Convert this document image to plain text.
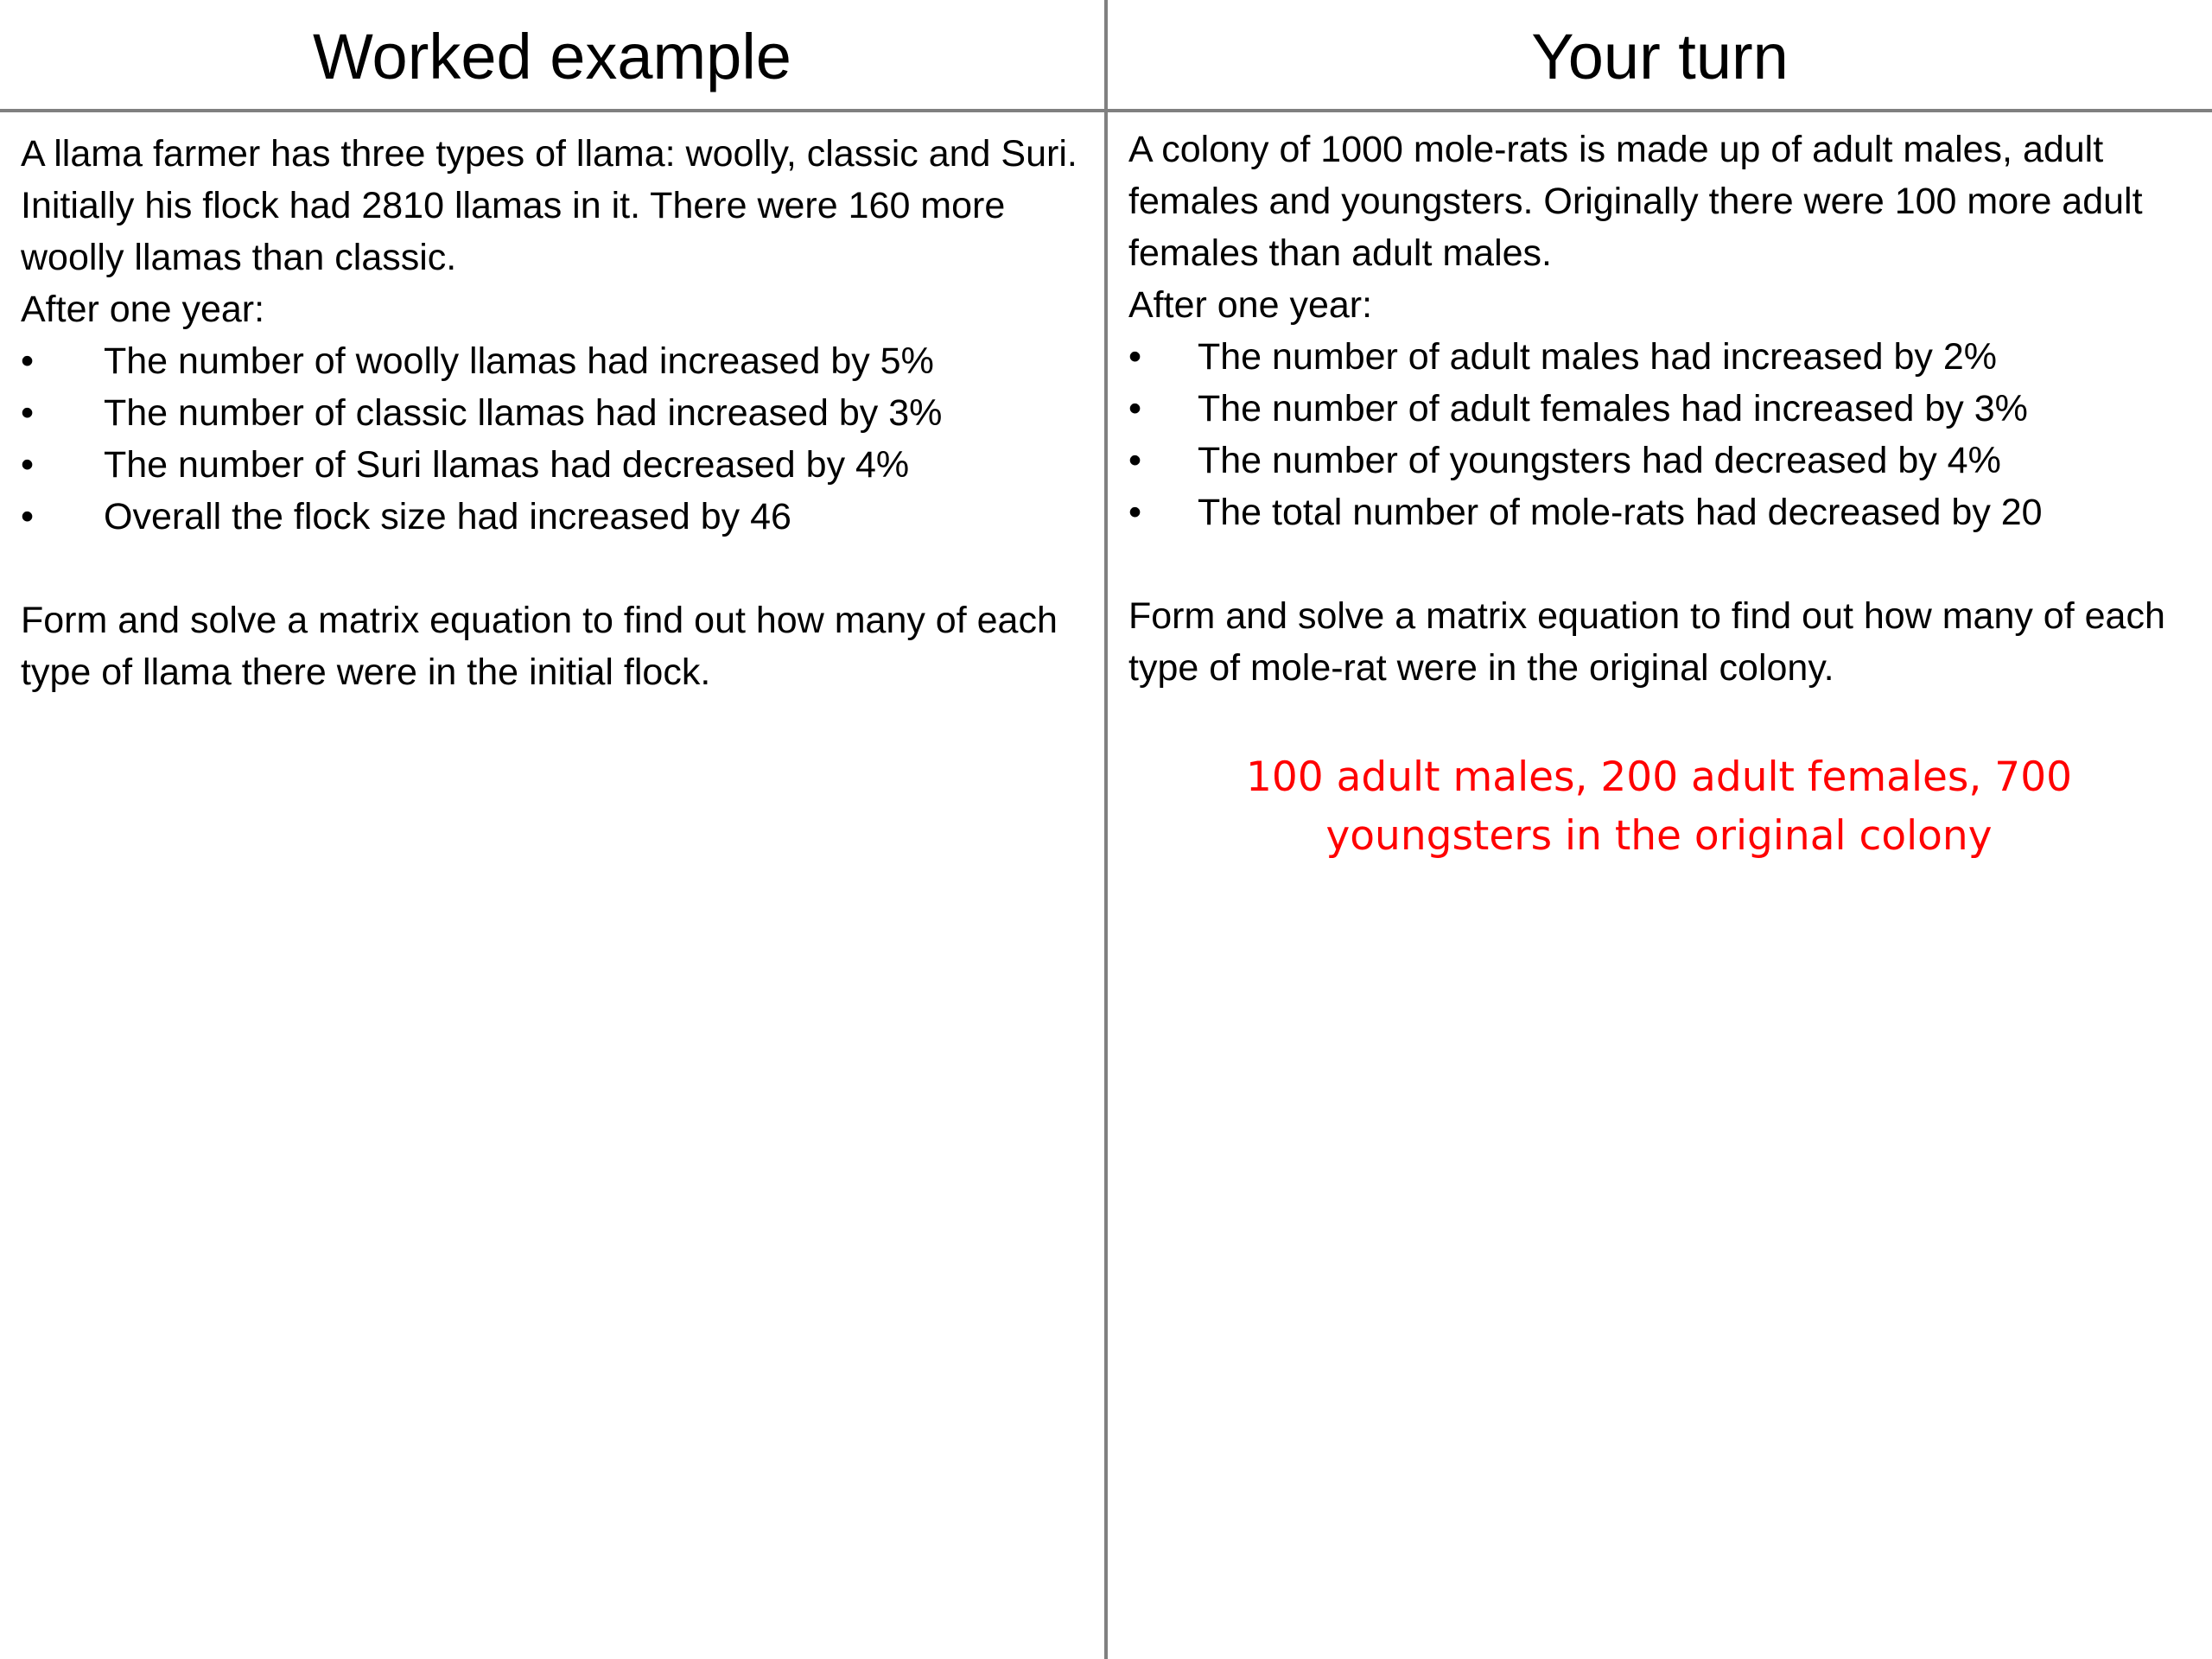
Worked example	Your turn

A llama farmer has three types of llama: woolly, classic and Suri. Initially his flock had 2810 llamas in it. There were 160 more woolly llamas than classic.

After one year:

•	The number of woolly llamas had increased by 5%
•	The number of classic llamas had increased by 3%
•	The number of Suri llamas had decreased by 4%
•	Overall the flock size had increased by 46

Form and solve a matrix equation to find out how many of each type of llama there were in the initial flock.

A colony of 1000 mole-rats is made up of adult males, adult females and youngsters. Originally there were 100 more adult females than adult males.

After one year:

•	The number of adult males had increased by 2%
•	The number of adult females had increased by 3%
•	The number of youngsters had decreased by 4%
•	The total number of mole-rats had decreased by 20

Form and solve a matrix equation to find out how many of each type of mole-rat were in the original colony.

100 adult males, 200 adult females, 700 youngsters in the original colony
